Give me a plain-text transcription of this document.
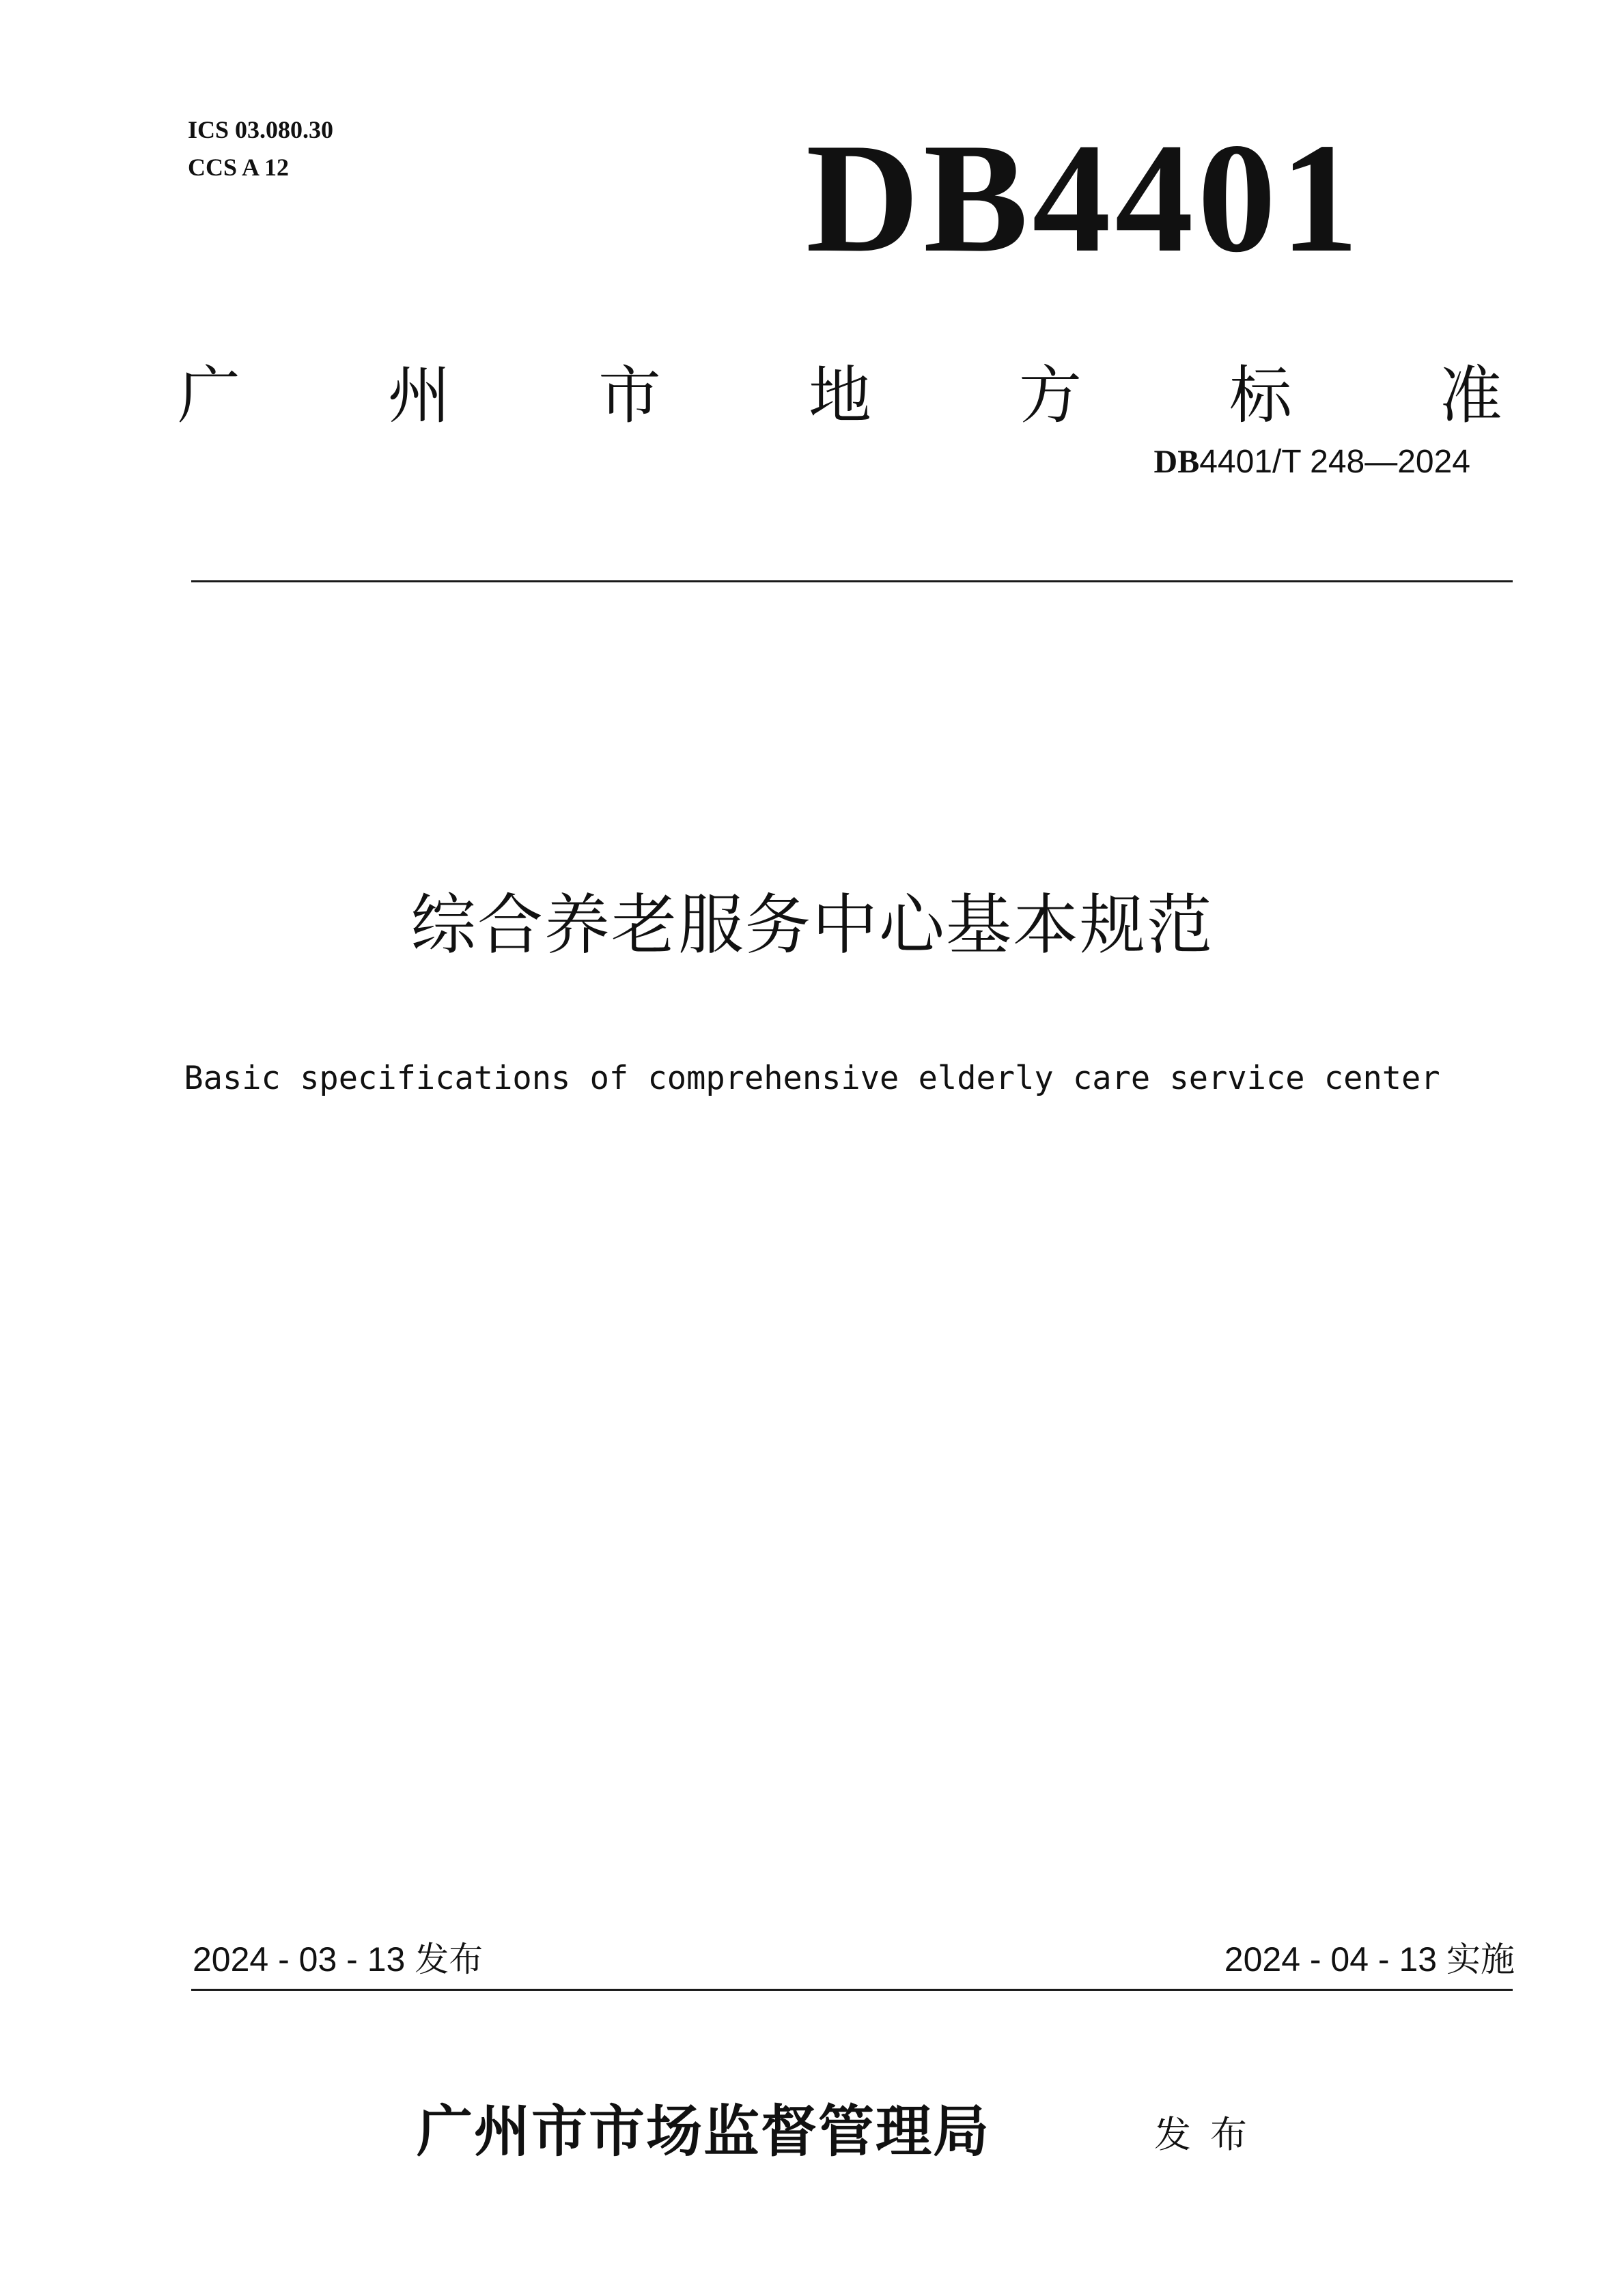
ICS 03.080.30
CCS A 12	DB4401
广 州 市 地 方 标 准
DB4401/T 248—2024
综合养老服务中心基本规范
Basic specifications of comprehensive elderly care service center
2024 - 03 - 13 发布	2024 - 04 - 13 实施
广州市市场监督管理局	发布
